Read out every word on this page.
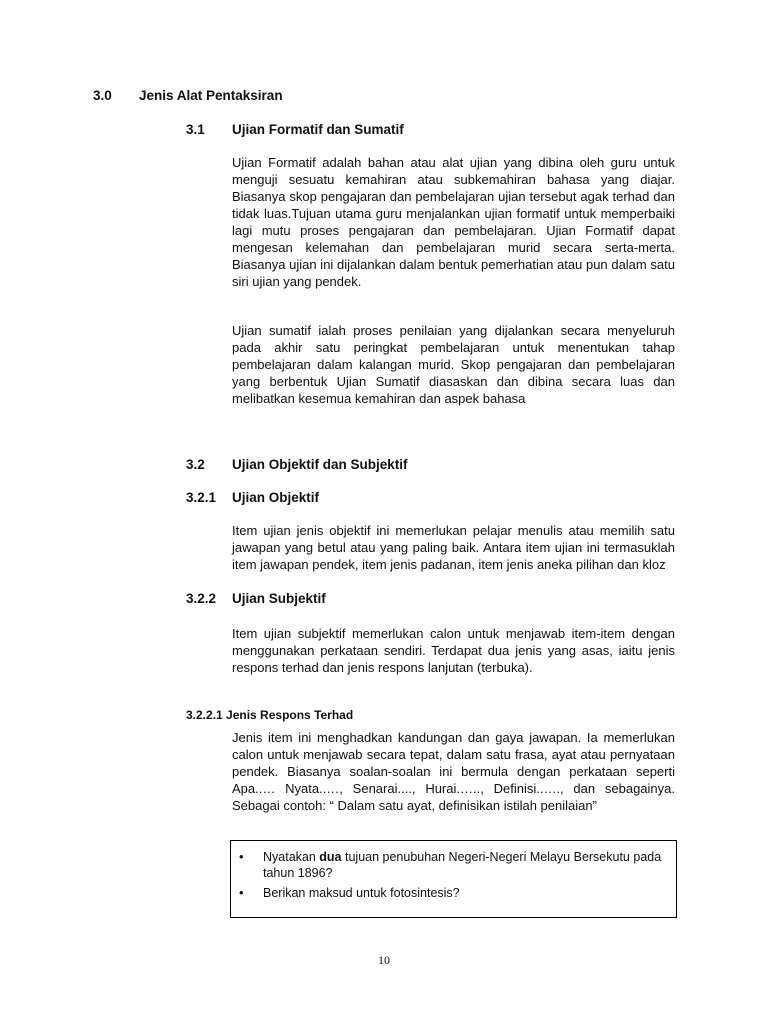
3.0 Jenis Alat Pentaksiran
3.1 Ujian Formatif dan Sumatif
Ujian Formatif adalah bahan atau alat ujian yang dibina oleh guru untuk menguji sesuatu kemahiran atau subkemahiran bahasa yang diajar. Biasanya skop pengajaran dan pembelajaran ujian tersebut agak terhad dan tidak luas.Tujuan utama guru menjalankan ujian formatif untuk memperbaiki lagi mutu proses pengajaran dan pembelajaran. Ujian Formatif dapat mengesan kelemahan dan pembelajaran murid secara serta-merta. Biasanya ujian ini dijalankan dalam bentuk pemerhatian atau pun dalam satu siri ujian yang pendek.
Ujian sumatif ialah proses penilaian yang dijalankan secara menyeluruh pada akhir satu peringkat pembelajaran untuk menentukan tahap pembelajaran dalam kalangan murid. Skop pengajaran dan pembelajaran yang berbentuk Ujian Sumatif diasaskan dan dibina secara luas dan melibatkan kesemua kemahiran dan aspek bahasa
3.2 Ujian Objektif dan Subjektif
3.2.1 Ujian Objektif
Item ujian jenis objektif ini memerlukan pelajar menulis atau memilih satu jawapan yang betul atau yang paling baik. Antara item ujian ini termasuklah item jawapan pendek, item jenis padanan, item jenis aneka pilihan dan kloz
3.2.2 Ujian Subjektif
Item ujian subjektif memerlukan calon untuk menjawab item-item dengan menggunakan perkataan sendiri. Terdapat dua jenis yang asas, iaitu jenis respons terhad dan jenis respons lanjutan (terbuka).
3.2.2.1 Jenis Respons Terhad
Jenis item ini menghadkan kandungan dan gaya jawapan. Ia memerlukan calon untuk menjawab secara tepat, dalam satu frasa, ayat atau pernyataan pendek. Biasanya soalan-soalan ini bermula dengan perkataan seperti Apa..… Nyata..…, Senarai...., Hurai.….., Definisi..…., dan sebagainya. Sebagai contoh: “ Dalam satu ayat, definisikan istilah penilaian”
• Nyatakan dua tujuan penubuhan Negeri-Negeri Melayu Bersekutu pada tahun 1896?
• Berikan maksud untuk fotosintesis?
10
